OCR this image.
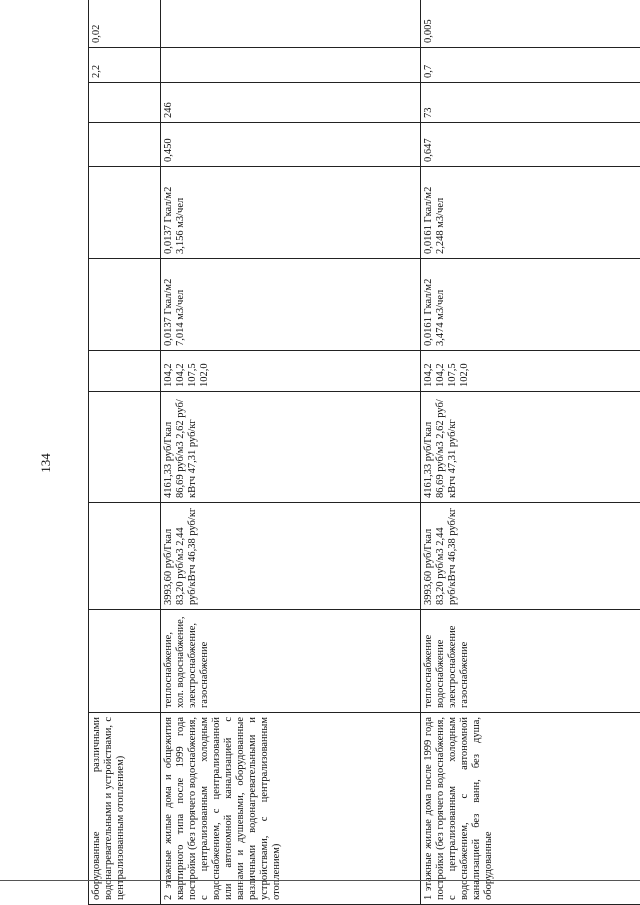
134
оборудованные различными водонагревательными и устройствами, с централизованным отоплением)									2,2	0,02
2 этажные жилые дома и общежития квартирного типа после 1999 года постройки (без горячего водоснабжения, с централизованным холодным водоснабжением, с централизованной или автономной канализацией с ваннами и душевыми, оборудованные различными водонагревательными и устройствами, с централизованным отоплением)	теплоснабжение, хол. водоснабжение, электроснабжение, газоснабжение	3993,60 руб/Гкал 83,20 руб/м3 2,44 руб/кВтч 46,38 руб/кг	4161,33 руб/Гкал 86,69 руб/м3 2,62 руб/кВтч 47,31 руб/кг	104,2 104,2 107,5 102,0	0,0137 Гкал/м2 7,014 м3/чел	0,0137 Гкал/м2 3,156 м3/чел	0,450	246		
1 этажные жилые дома после 1999 года постройки (без горячего водоснабжения, с централизованным холодным водоснабжением, с автономной канализацией без ванн, без душа, оборудованные	теплоснабжение водоснабжение электроснабжение газоснабжение	3993,60 руб/Гкал 83,20 руб/м3 2,44 руб/кВтч 46,38 руб/кг	4161,33 руб/Гкал 86,69 руб/м3 2,62 руб/кВтч 47,31 руб/кг	104,2 104,2 107,5 102,0	0,0161 Гкал/м2 3,474 м3/чел	0,0161 Гкал/м2 2,248 м3/чел	0,647	73	0,7	0,005
